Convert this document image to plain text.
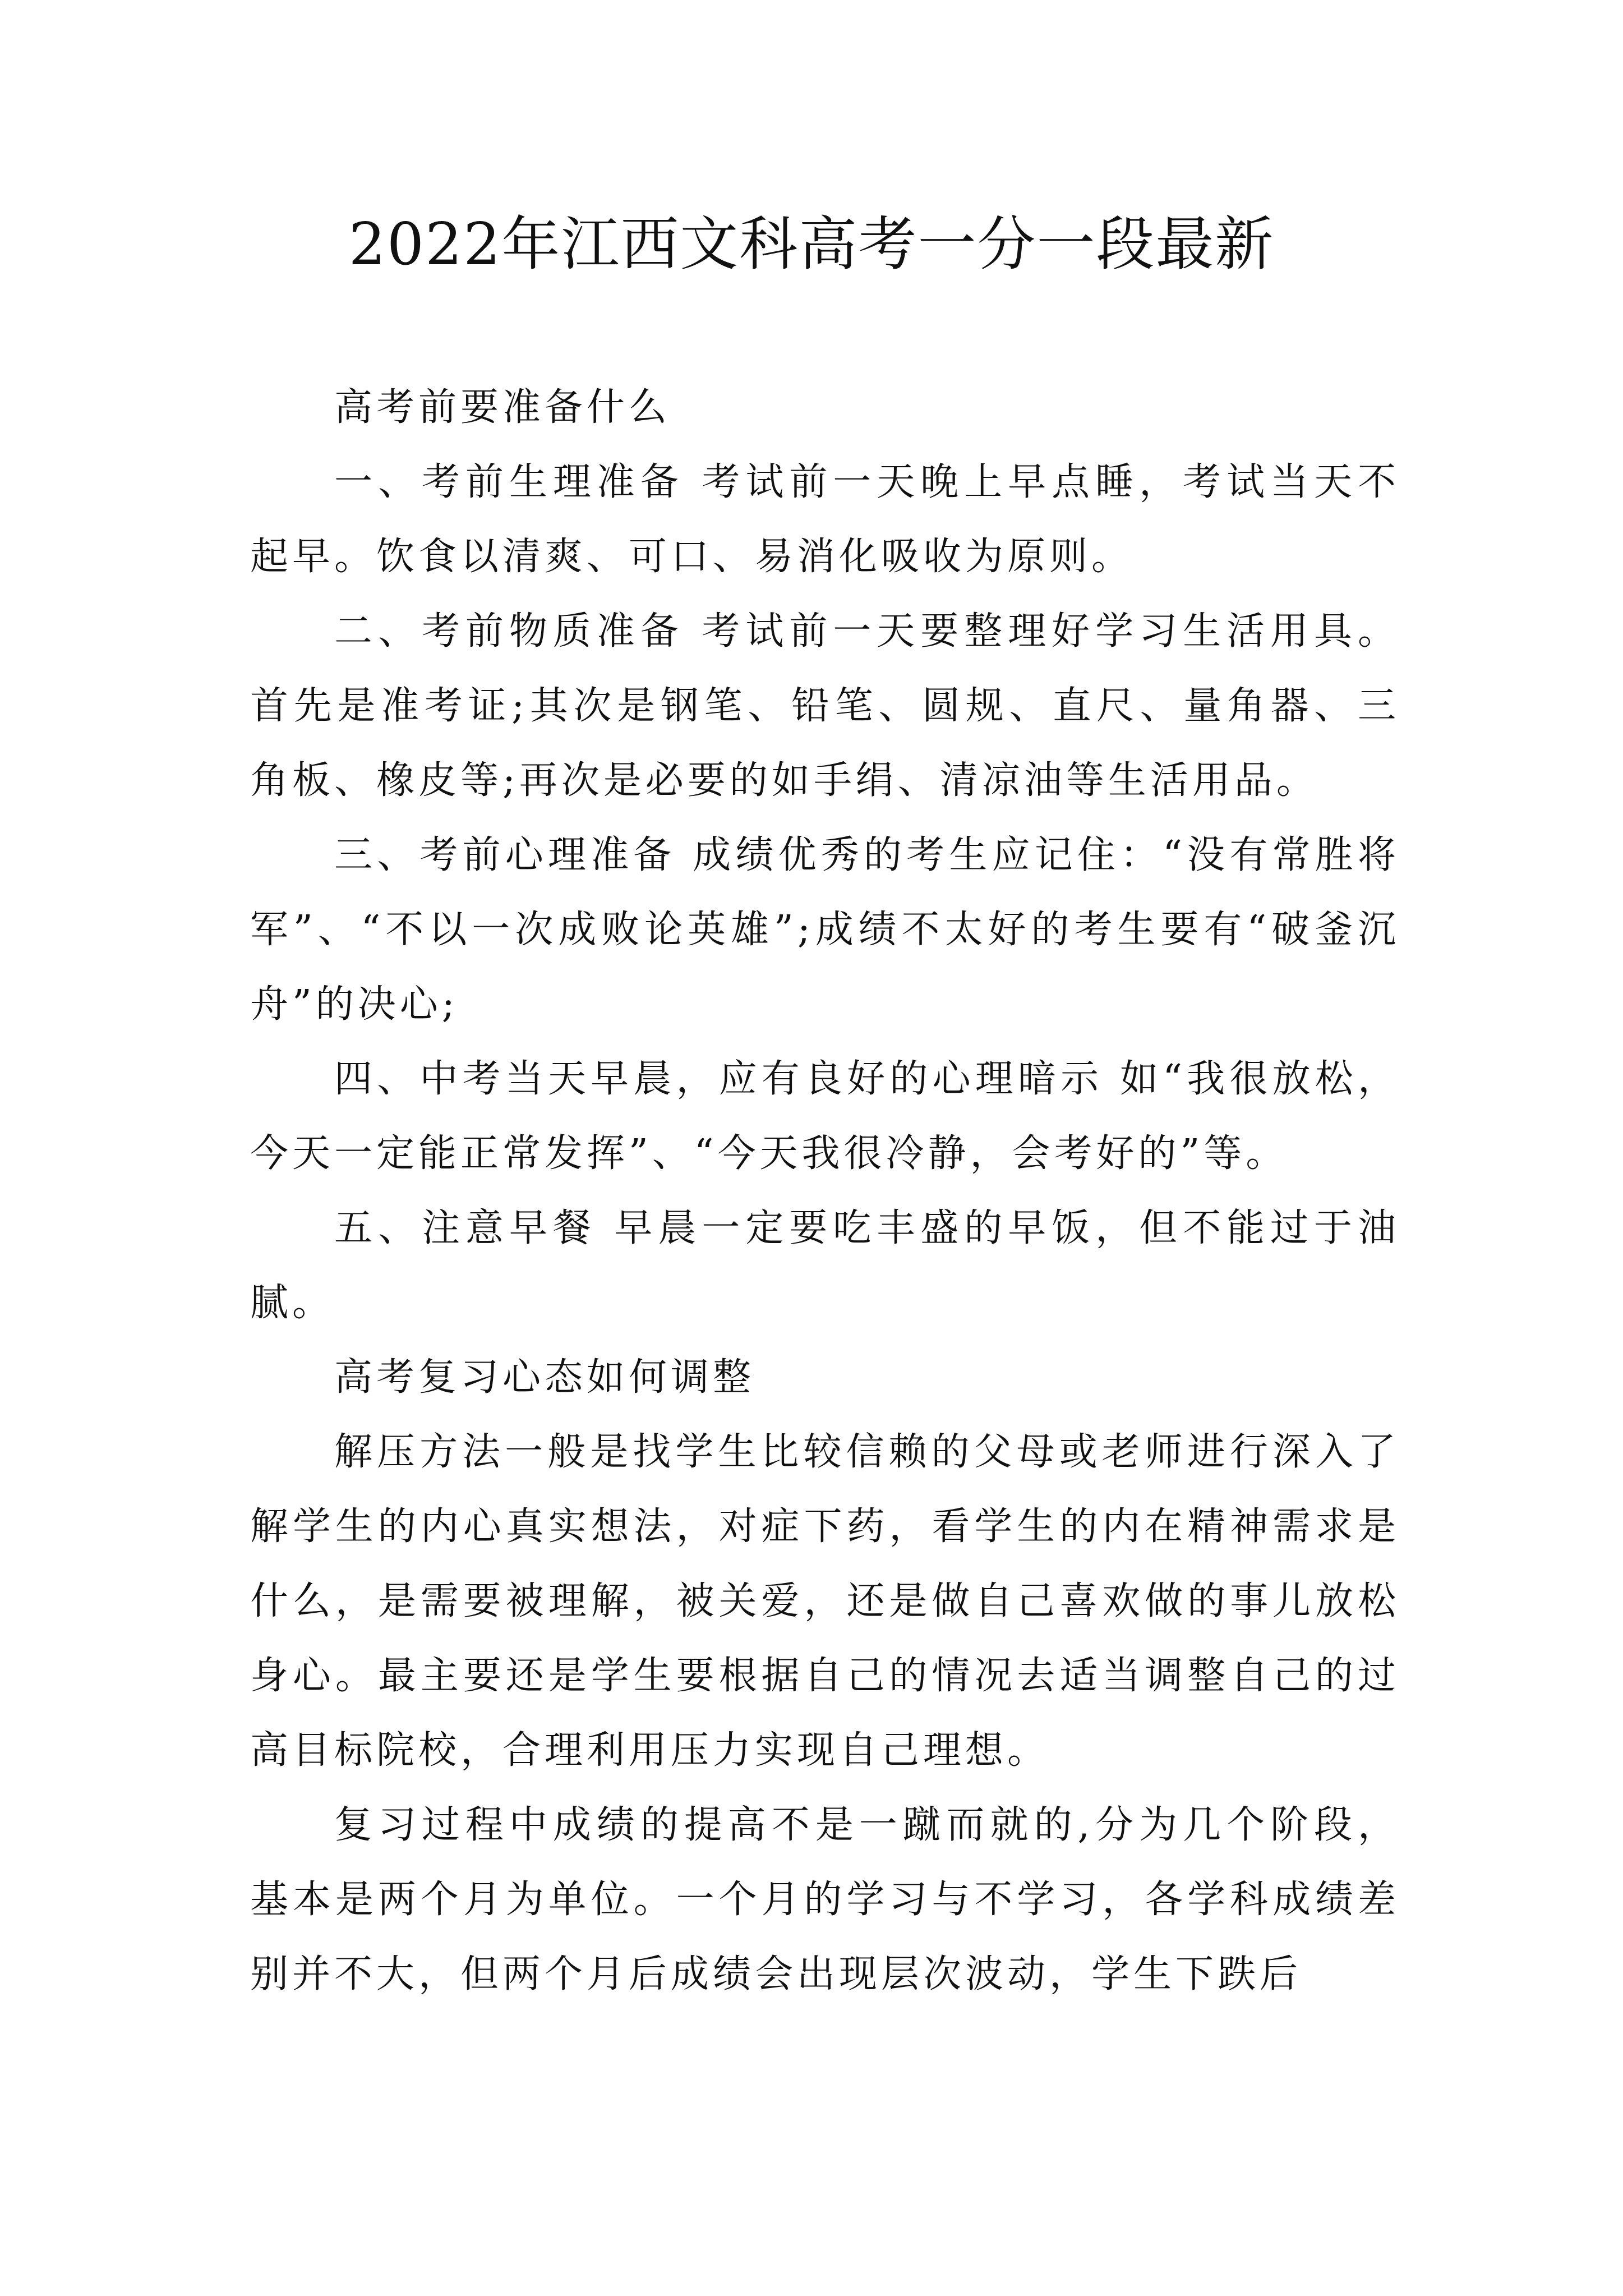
2022年江西文科高考一分一段最新

高考前要准备什么

一、考前生理准备 考试前一天晚上早点睡，考试当天不起早。饮食以清爽、可口、易消化吸收为原则。

二、考前物质准备 考试前一天要整理好学习生活用具。首先是准考证;其次是钢笔、铅笔、圆规、直尺、量角器、三角板、橡皮等;再次是必要的如手绢、清凉油等生活用品。

三、考前心理准备 成绩优秀的考生应记住：“没有常胜将军”、“不以一次成败论英雄”;成绩不太好的考生要有“破釜沉舟”的决心;

四、中考当天早晨，应有良好的心理暗示 如“我很放松，今天一定能正常发挥”、“今天我很冷静，会考好的”等。

五、注意早餐 早晨一定要吃丰盛的早饭，但不能过于油腻。

高考复习心态如何调整

解压方法一般是找学生比较信赖的父母或老师进行深入了解学生的内心真实想法，对症下药，看学生的内在精神需求是什么，是需要被理解，被关爱，还是做自己喜欢做的事儿放松身心。最主要还是学生要根据自己的情况去适当调整自己的过高目标院校，合理利用压力实现自己理想。

复习过程中成绩的提高不是一蹴而就的,分为几个阶段，基本是两个月为单位。一个月的学习与不学习，各学科成绩差别并不大，但两个月后成绩会出现层次波动，学生下跌后
